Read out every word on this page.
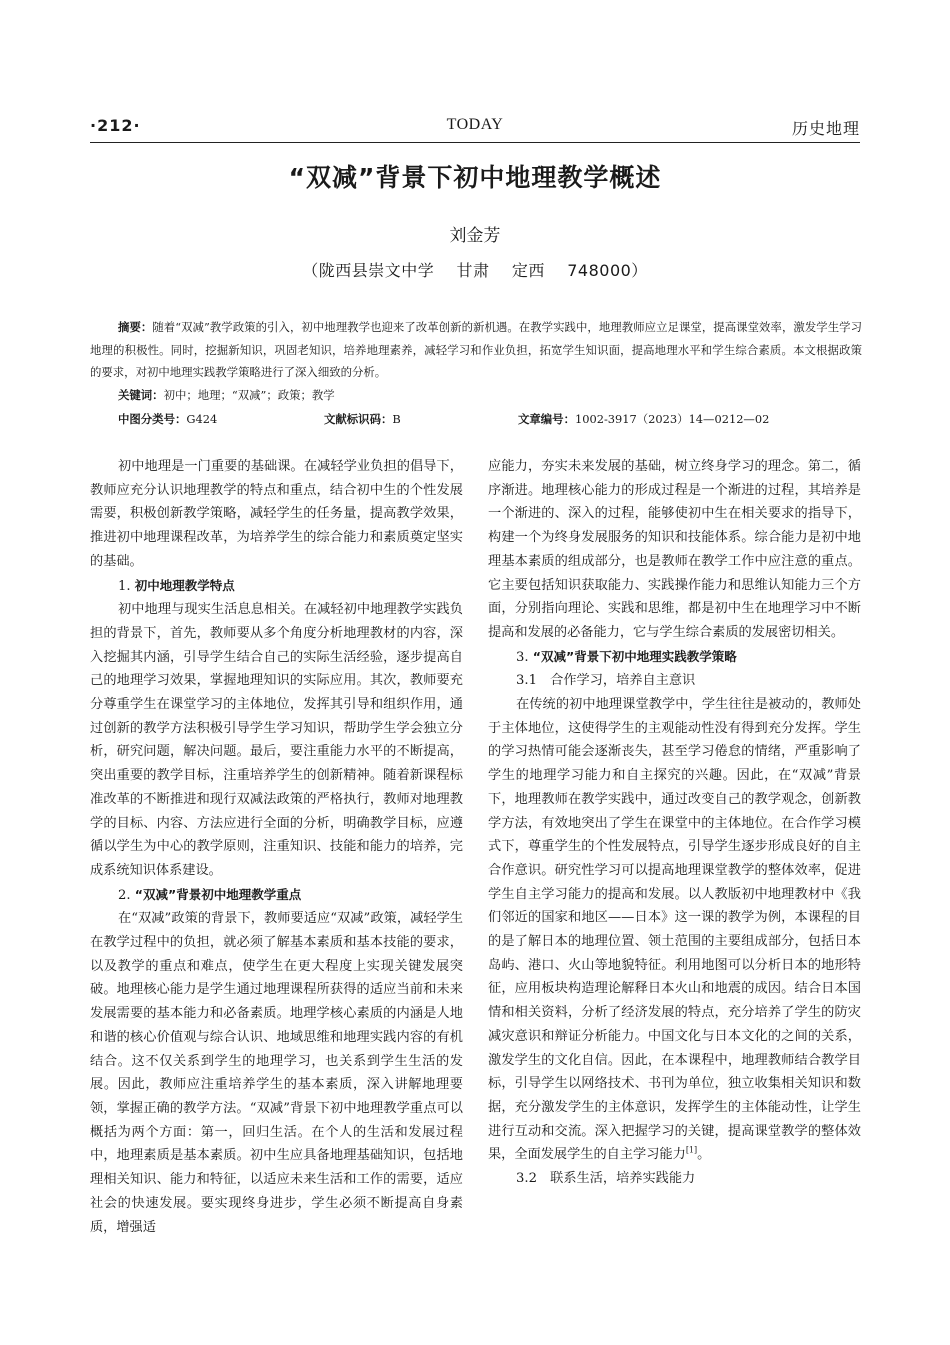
·212·	TODAY	历史地理
“双减”背景下初中地理教学概述
刘金芳
（陇西县崇文中学    甘肃    定西    748000）
摘要：随着“双减”教学政策的引入，初中地理教学也迎来了改革创新的新机遇。在教学实践中，地理教师应立足课堂，提高课堂效率，激发学生学习地理的积极性。同时，挖掘新知识，巩固老知识，培养地理素养，减轻学习和作业负担，拓宽学生知识面，提高地理水平和学生综合素质。本文根据政策的要求，对初中地理实践教学策略进行了深入细致的分析。
关键词：初中；地理；“双减”；政策；教学
中图分类号：G424	文献标识码：B	文章编号：1002-3917（2023）14—0212—02

初中地理是一门重要的基础课。在减轻学业负担的倡导下，教师应充分认识地理教学的特点和重点，结合初中生的个性发展需要，积极创新教学策略，减轻学生的任务量，提高教学效果，推进初中地理课程改革，为培养学生的综合能力和素质奠定坚实的基础。

1. 初中地理教学特点

初中地理与现实生活息息相关。在减轻初中地理教学实践负担的背景下，首先，教师要从多个角度分析地理教材的内容，深入挖掘其内涵，引导学生结合自己的实际生活经验，逐步提高自己的地理学习效果，掌握地理知识的实际应用。其次，教师要充分尊重学生在课堂学习的主体地位，发挥其引导和组织作用，通过创新的教学方法积极引导学生学习知识，帮助学生学会独立分析，研究问题，解决问题。最后，要注重能力水平的不断提高，突出重要的教学目标，注重培养学生的创新精神。随着新课程标准改革的不断推进和现行双减法政策的严格执行，教师对地理教学的目标、内容、方法应进行全面的分析，明确教学目标，应遵循以学生为中心的教学原则，注重知识、技能和能力的培养，完成系统知识体系建设。

2. “双减”背景初中地理教学重点

在“双减”政策的背景下，教师要适应“双减”政策，减轻学生在教学过程中的负担，就必须了解基本素质和基本技能的要求，以及教学的重点和难点，使学生在更大程度上实现关键发展突破。地理核心能力是学生通过地理课程所获得的适应当前和未来发展需要的基本能力和必备素质。地理学核心素质的内涵是人地和谐的核心价值观与综合认识、地域思维和地理实践内容的有机结合。这不仅关系到学生的地理学习，也关系到学生生活的发展。因此，教师应注重培养学生的基本素质，深入讲解地理要领，掌握正确的教学方法。“双减”背景下初中地理教学重点可以概括为两个方面：第一，回归生活。在个人的生活和发展过程中，地理素质是基本素质。初中生应具备地理基础知识，包括地理相关知识、能力和特征，以适应未来生活和工作的需要，适应社会的快速发展。要实现终身进步，学生必须不断提高自身素质，增强适

应能力，夯实未来发展的基础，树立终身学习的理念。第二，循序渐进。地理核心能力的形成过程是一个渐进的过程，其培养是一个渐进的、深入的过程，能够使初中生在相关要求的指导下，构建一个为终身发展服务的知识和技能体系。综合能力是初中地理基本素质的组成部分，也是教师在教学工作中应注意的重点。它主要包括知识获取能力、实践操作能力和思维认知能力三个方面，分别指向理论、实践和思维，都是初中生在地理学习中不断提高和发展的必备能力，它与学生综合素质的发展密切相关。

3. “双减”背景下初中地理实践教学策略
3.1　合作学习，培养自主意识

在传统的初中地理课堂教学中，学生往往是被动的，教师处于主体地位，这使得学生的主观能动性没有得到充分发挥。学生的学习热情可能会逐渐丧失，甚至学习倦怠的情绪，严重影响了学生的地理学习能力和自主探究的兴趣。因此，在“双减”背景下，地理教师在教学实践中，通过改变自己的教学观念，创新教学方法，有效地突出了学生在课堂中的主体地位。在合作学习模式下，尊重学生的个性发展特点，引导学生逐步形成良好的自主合作意识。研究性学习可以提高地理课堂教学的整体效率，促进学生自主学习能力的提高和发展。以人教版初中地理教材中《我们邻近的国家和地区——日本》这一课的教学为例，本课程的目的是了解日本的地理位置、领土范围的主要组成部分，包括日本岛屿、港口、火山等地貌特征。利用地图可以分析日本的地形特征，应用板块构造理论解释日本火山和地震的成因。结合日本国情和相关资料，分析了经济发展的特点，充分培养了学生的防灾减灾意识和辩证分析能力。中国文化与日本文化的之间的关系，激发学生的文化自信。因此，在本课程中，地理教师结合教学目标，引导学生以网络技术、书刊为单位，独立收集相关知识和数据，充分激发学生的主体意识，发挥学生的主体能动性，让学生进行互动和交流。深入把握学习的关键，提高课堂教学的整体效果，全面发展学生的自主学习能力[1]。

3.2　联系生活，培养实践能力
